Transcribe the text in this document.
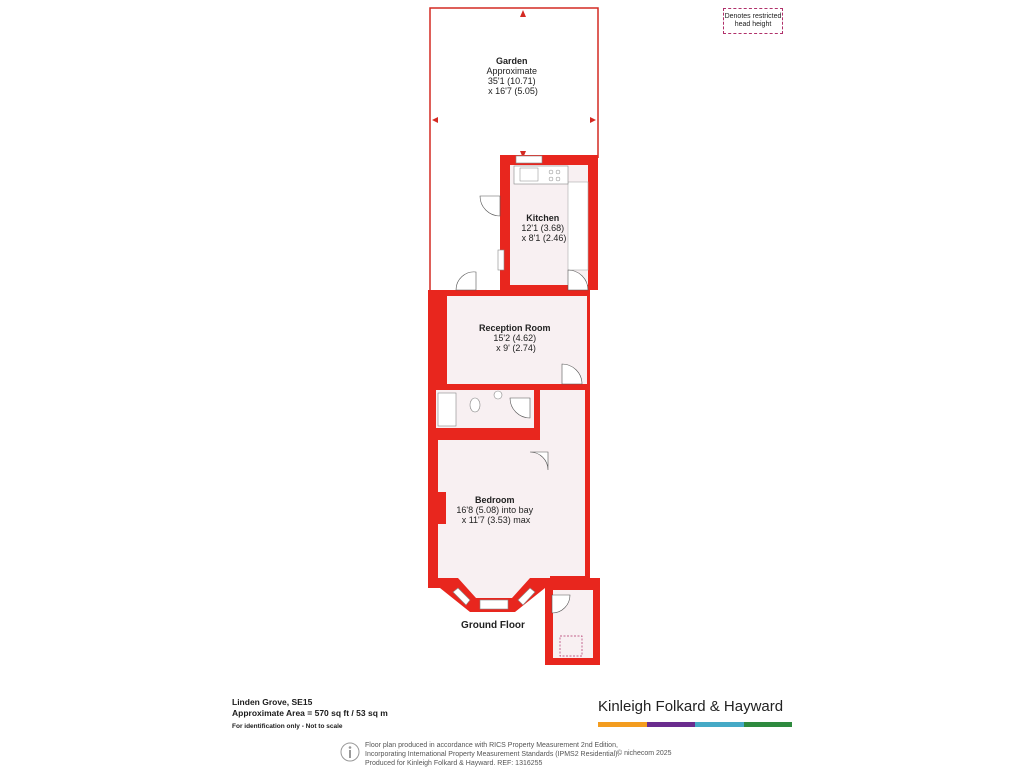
Garden Approximate 35'1 (10.71) x 16'7 (5.05)
Kitchen 12'1 (3.68) x 8'1 (2.46)
Reception Room 15'2 (4.62) x 9' (2.74)
Bedroom 16'8 (5.08) into bay x 11'7 (3.53) max
Ground Floor
Denotes restricted head height
Linden Grove, SE15
Approximate Area = 570 sq ft / 53 sq m
For identification only - Not to scale
Kinleigh Folkard & Hayward
Floor plan produced in accordance with RICS Property Measurement 2nd Edition,
Incorporating International Property Measurement Standards (IPMS2 Residential).
Produced for Kinleigh Folkard & Hayward. REF: 1316255
© nichecom 2025
